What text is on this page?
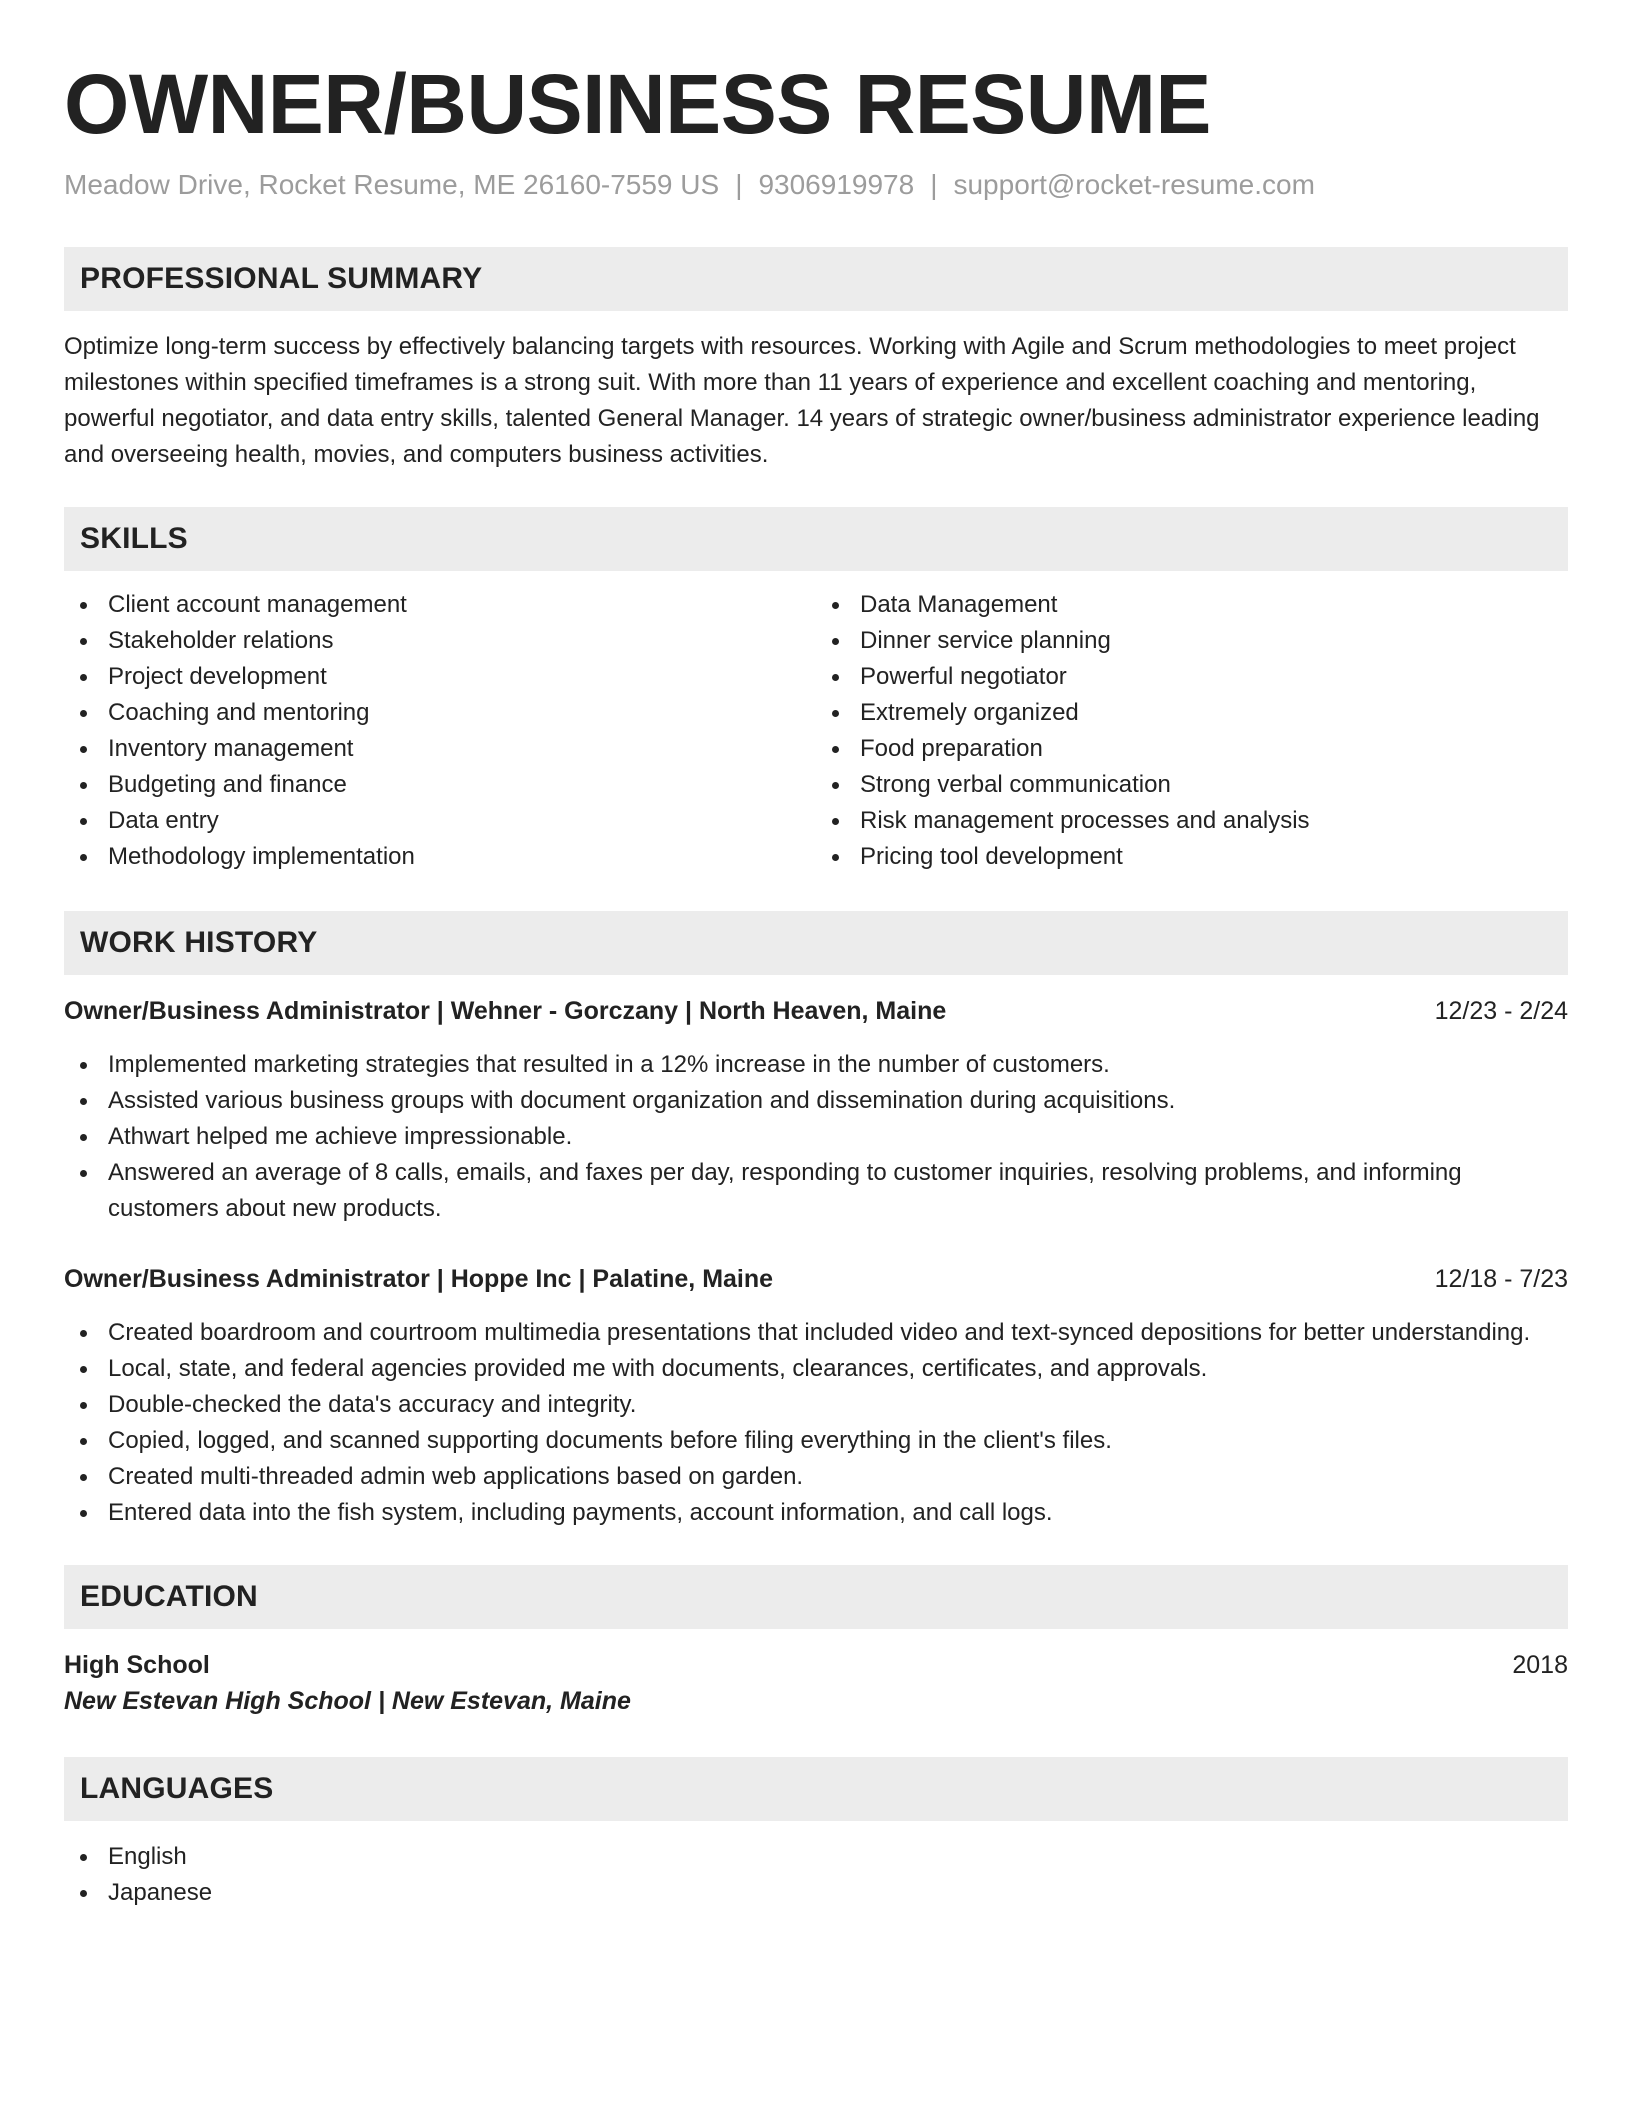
OWNER/BUSINESS RESUME
Meadow Drive, Rocket Resume, ME 26160-7559 US | 9306919978 | support@rocket-resume.com
PROFESSIONAL SUMMARY
Optimize long-term success by effectively balancing targets with resources. Working with Agile and Scrum methodologies to meet project milestones within specified timeframes is a strong suit. With more than 11 years of experience and excellent coaching and mentoring, powerful negotiator, and data entry skills, talented General Manager. 14 years of strategic owner/business administrator experience leading and overseeing health, movies, and computers business activities.
SKILLS
Client account management
Stakeholder relations
Project development
Coaching and mentoring
Inventory management
Budgeting and finance
Data entry
Methodology implementation
Data Management
Dinner service planning
Powerful negotiator
Extremely organized
Food preparation
Strong verbal communication
Risk management processes and analysis
Pricing tool development
WORK HISTORY
Owner/Business Administrator | Wehner - Gorczany | North Heaven, Maine	12/23 - 2/24
Implemented marketing strategies that resulted in a 12% increase in the number of customers.
Assisted various business groups with document organization and dissemination during acquisitions.
Athwart helped me achieve impressionable.
Answered an average of 8 calls, emails, and faxes per day, responding to customer inquiries, resolving problems, and informing customers about new products.
Owner/Business Administrator | Hoppe Inc | Palatine, Maine	12/18 - 7/23
Created boardroom and courtroom multimedia presentations that included video and text-synced depositions for better understanding.
Local, state, and federal agencies provided me with documents, clearances, certificates, and approvals.
Double-checked the data's accuracy and integrity.
Copied, logged, and scanned supporting documents before filing everything in the client's files.
Created multi-threaded admin web applications based on garden.
Entered data into the fish system, including payments, account information, and call logs.
EDUCATION
High School	2018
New Estevan High School | New Estevan, Maine
LANGUAGES
English
Japanese
